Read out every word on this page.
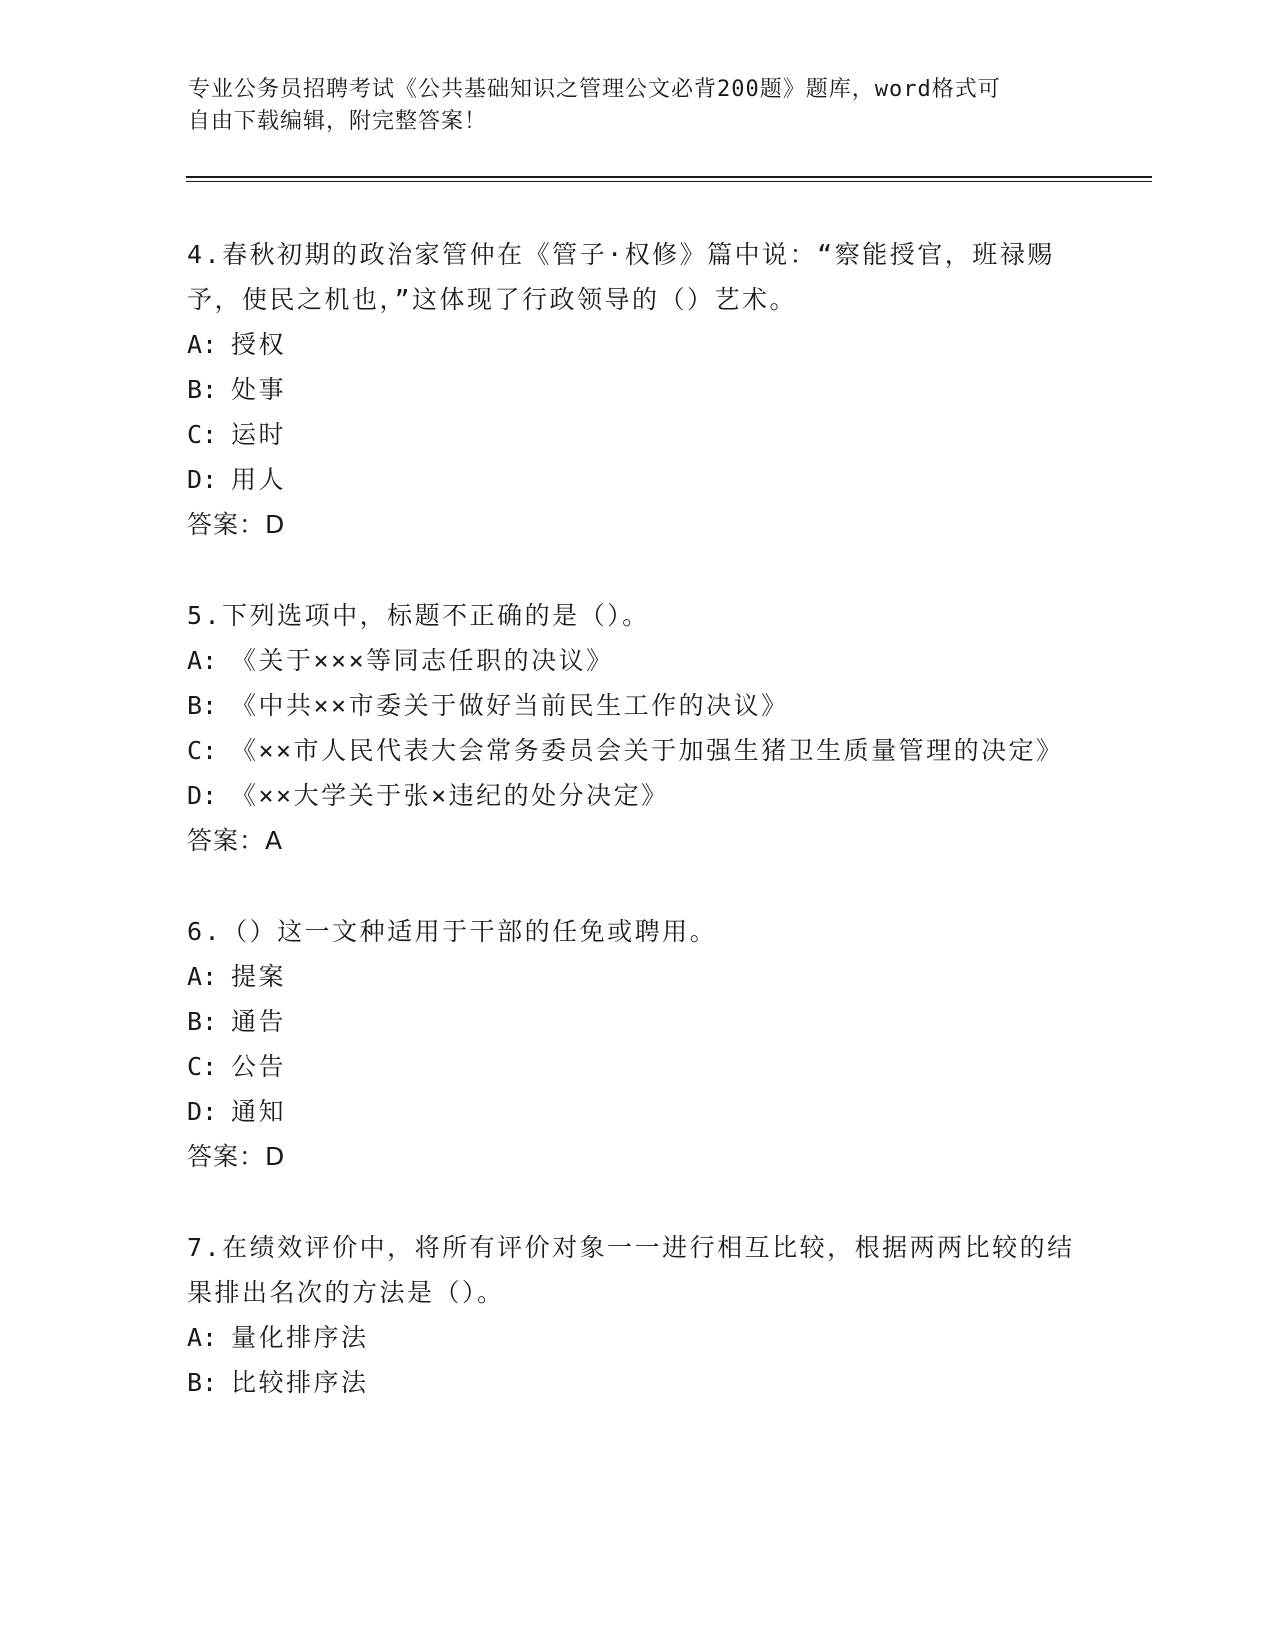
专业公务员招聘考试《公共基础知识之管理公文必背200题》题库，word格式可
自由下载编辑，附完整答案！

4.春秋初期的政治家管仲在《管子·权修》篇中说：“察能授官，班禄赐予，使民之机也，”这体现了行政领导的（）艺术。

A: 授权

B: 处事

C: 运时

D: 用人

答案：D

5.下列选项中，标题不正确的是（）。

A: 《关于×××等同志任职的决议》

B: 《中共××市委关于做好当前民生工作的决议》

C: 《××市人民代表大会常务委员会关于加强生猪卫生质量管理的决定》

D: 《××大学关于张×违纪的处分决定》

答案：A

6.（）这一文种适用于干部的任免或聘用。

A: 提案

B: 通告

C: 公告

D: 通知

答案：D

7.在绩效评价中，将所有评价对象一一进行相互比较，根据两两比较的结果排出名次的方法是（）。

A: 量化排序法

B: 比较排序法
